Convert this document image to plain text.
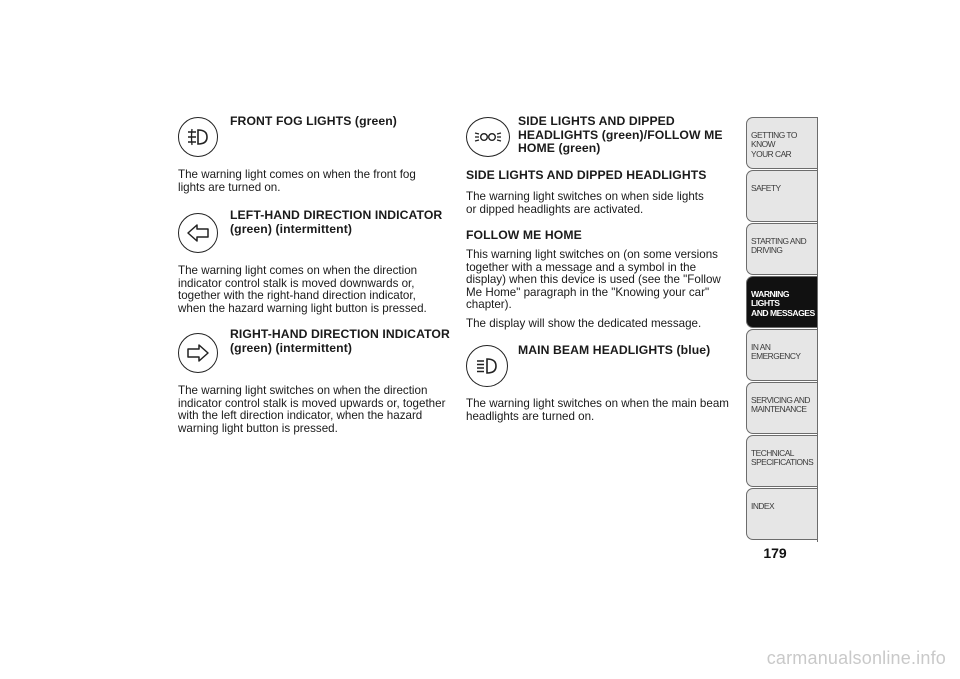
FRONT FOG LIGHTS (green)

The warning light comes on when the front fog lights are turned on.

LEFT-HAND DIRECTION INDICATOR (green) (intermittent)

The warning light comes on when the direction indicator control stalk is moved downwards or, together with the right-hand direction indicator, when the hazard warning light button is pressed.

RIGHT-HAND DIRECTION INDICATOR (green) (intermittent)

The warning light switches on when the direction indicator control stalk is moved upwards or, together with the left direction indicator, when the hazard warning light button is pressed.

SIDE LIGHTS AND DIPPED HEADLIGHTS (green)/FOLLOW ME HOME (green)
SIDE LIGHTS AND DIPPED HEADLIGHTS

The warning light switches on when side lights or dipped headlights are activated.

FOLLOW ME HOME

This warning light switches on (on some versions together with a message and a symbol in the display) when this device is used (see the "Follow Me Home" paragraph in the "Knowing your car" chapter).

The display will show the dedicated message.

MAIN BEAM HEADLIGHTS (blue)

The warning light switches on when the main beam headlights are turned on.

GETTING TO KNOW
YOUR CAR
SAFETY
STARTING AND
DRIVING
WARNING LIGHTS
AND MESSAGES
IN AN EMERGENCY
SERVICING AND
MAINTENANCE
TECHNICAL
SPECIFICATIONS
INDEX
179
carmanualsonline.info
